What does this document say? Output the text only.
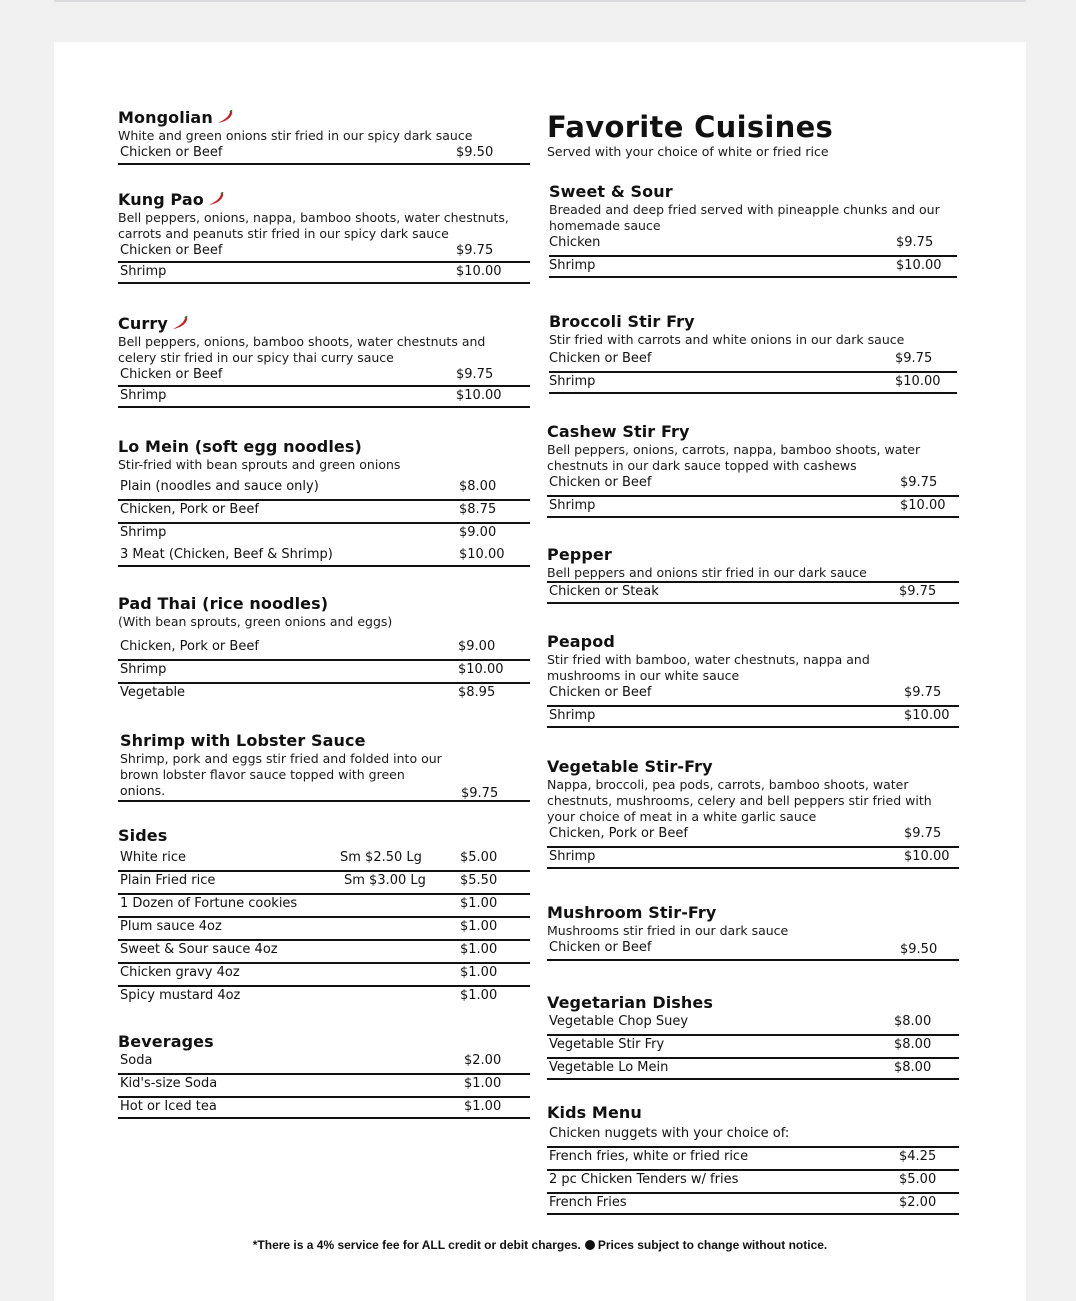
Mongolian
White and green onions stir fried in our spicy dark sauce
Chicken or Beef	$9.50
Kung Pao
Bell peppers, onions, nappa, bamboo shoots, water chestnuts, carrots and peanuts stir fried in our spicy dark sauce
Chicken or Beef	$9.75
Shrimp	$10.00
Curry
Bell peppers, onions, bamboo shoots, water chestnuts and celery stir fried in our spicy thai curry sauce
Chicken or Beef	$9.75
Shrimp	$10.00
Lo Mein (soft egg noodles)
Stir-fried with bean sprouts and green onions
Plain (noodles and sauce only)	$8.00
Chicken, Pork or Beef	$8.75
Shrimp	$9.00
3 Meat (Chicken, Beef & Shrimp)	$10.00
Pad Thai (rice noodles)
(With bean sprouts, green onions and eggs)
Chicken, Pork or Beef	$9.00
Shrimp	$10.00
Vegetable	$8.95
Shrimp with Lobster Sauce
Shrimp, pork and eggs stir fried and folded into our
brown lobster flavor sauce topped with green
onions.	$9.75
Sides
White rice	Sm $2.50 Lg	$5.00
Plain Fried rice	Sm $3.00 Lg	$5.50
1 Dozen of Fortune cookies	$1.00
Plum sauce 4oz	$1.00
Sweet & Sour sauce 4oz	$1.00
Chicken gravy 4oz	$1.00
Spicy mustard 4oz	$1.00
Beverages
Soda	$2.00
Kid's-size Soda	$1.00
Hot or Iced tea	$1.00
Favorite Cuisines
Served with your choice of white or fried rice
Sweet & Sour
Breaded and deep fried served with pineapple chunks and our homemade sauce
Chicken	$9.75
Shrimp	$10.00
Broccoli Stir Fry
Stir fried with carrots and white onions in our dark sauce
Chicken or Beef	$9.75
Shrimp	$10.00
Cashew Stir Fry
Bell peppers, onions, carrots, nappa, bamboo shoots, water chestnuts in our dark sauce topped with cashews
Chicken or Beef	$9.75
Shrimp	$10.00
Pepper
Bell peppers and onions stir fried in our dark sauce
Chicken or Steak	$9.75
Peapod
Stir fried with bamboo, water chestnuts, nappa and mushrooms in our white sauce
Chicken or Beef	$9.75
Shrimp	$10.00
Vegetable Stir-Fry
Nappa, broccoli, pea pods, carrots, bamboo shoots, water chestnuts, mushrooms, celery and bell peppers stir fried with your choice of meat in a white garlic sauce
Chicken, Pork or Beef	$9.75
Shrimp	$10.00
Mushroom Stir-Fry
Mushrooms stir fried in our dark sauce
Chicken or Beef	$9.50
Vegetarian Dishes
Vegetable Chop Suey	$8.00
Vegetable Stir Fry	$8.00
Vegetable Lo Mein	$8.00
Kids Menu
Chicken nuggets with your choice of:
French fries, white or fried rice	$4.25
2 pc Chicken Tenders w/ fries	$5.00
French Fries	$2.00
*There is a 4% service fee for ALL credit or debit charges. Prices subject to change without notice.
